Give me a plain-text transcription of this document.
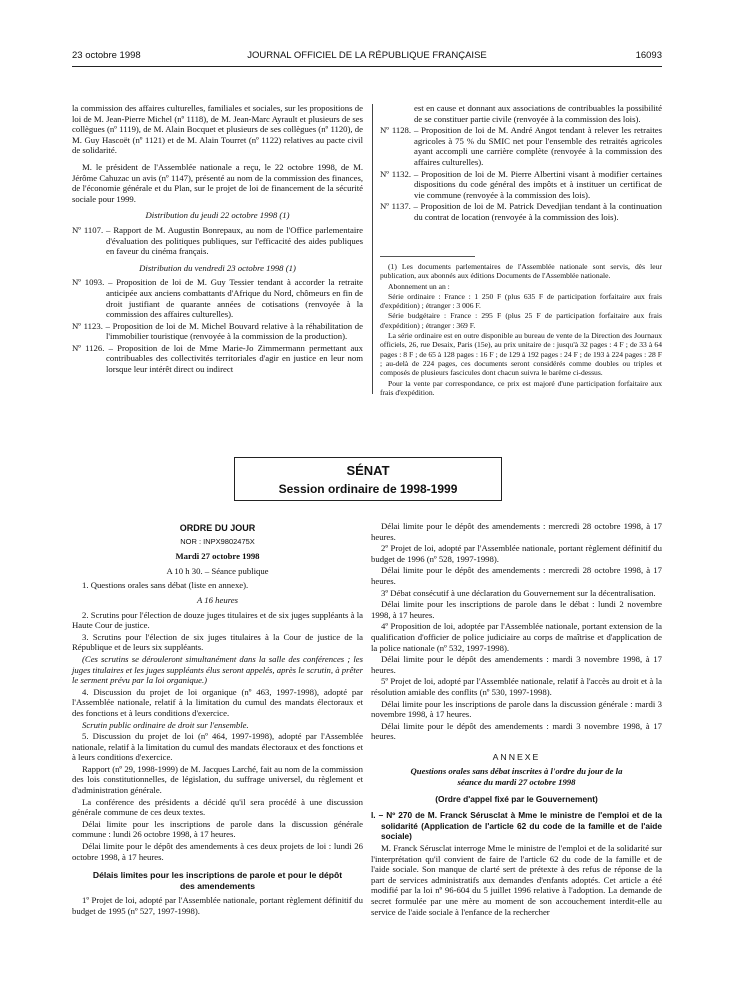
23 octobre 1998	JOURNAL OFFICIEL DE LA RÉPUBLIQUE FRANÇAISE	16093

la commission des affaires culturelles, familiales et sociales, sur les propositions de loi de M. Jean-Pierre Michel (nº 1118), de M. Jean-Marc Ayrault et plusieurs de ses collègues (nº 1119), de M. Alain Bocquet et plusieurs de ses collègues (nº 1120), de M. Guy Hascoët (nº 1121) et de M. Alain Tourret (nº 1122) relatives au pacte civil de solidarité.

M. le président de l'Assemblée nationale a reçu, le 22 octobre 1998, de M. Jérôme Cahuzac un avis (nº 1147), présenté au nom de la commission des finances, de l'économie générale et du Plan, sur le projet de loi de financement de la sécurité sociale pour 1999.

Distribution du jeudi 22 octobre 1998 (1)

Nº 1107. – Rapport de M. Augustin Bonrepaux, au nom de l'Office parlementaire d'évaluation des politiques publiques, sur l'efficacité des aides publiques en faveur du cinéma français.

Distribution du vendredi 23 octobre 1998 (1)

Nº 1093. – Proposition de loi de M. Guy Tessier tendant à accorder la retraite anticipée aux anciens combattants d'Afrique du Nord, chômeurs en fin de droit justifiant de quarante années de cotisations (renvoyée à la commission des affaires culturelles).

Nº 1123. – Proposition de loi de M. Michel Bouvard relative à la réhabilitation de l'immobilier touristique (renvoyée à la commission de la production).

Nº 1126. – Proposition de loi de Mme Marie-Jo Zimmermann permettant aux contribuables des collectivités territoriales d'agir en justice en leur nom lorsque leur intérêt direct ou indirect

est en cause et donnant aux associations de contribuables la possibilité de se constituer partie civile (renvoyée à la commission des lois).

Nº 1128. – Proposition de loi de M. André Angot tendant à relever les retraites agricoles à 75 % du SMIC net pour l'ensemble des retraités agricoles ayant accompli une carrière complète (renvoyée à la commission des affaires culturelles).

Nº 1132. – Proposition de loi de M. Pierre Albertini visant à modifier certaines dispositions du code général des impôts et à instituer un certificat de vie commune (renvoyée à la commission des lois).

Nº 1137. – Proposition de loi de M. Patrick Devedjian tendant à la continuation du contrat de location (renvoyée à la commission des lois).

(1) Les documents parlementaires de l'Assemblée nationale sont servis, dès leur publication, aux abonnés aux éditions Documents de l'Assemblée nationale.

Abonnement un an :

Série ordinaire : France : 1 250 F (plus 635 F de participation forfaitaire aux frais d'expédition) ; étranger : 3 006 F.

Série budgétaire : France : 295 F (plus 25 F de participation forfaitaire aux frais d'expédition) ; étranger : 369 F.

La série ordinaire est en outre disponible au bureau de vente de la Direction des Journaux officiels, 26, rue Desaix, Paris (15e), au prix unitaire de : jusqu'à 32 pages : 4 F ; de 33 à 64 pages : 8 F ; de 65 à 128 pages : 16 F ; de 129 à 192 pages : 24 F ; de 193 à 224 pages : 28 F ; au-delà de 224 pages, ces documents seront considérés comme doubles ou triples et composés de plusieurs fascicules dont chacun suivra le barème ci-dessus.

Pour la vente par correspondance, ce prix est majoré d'une participation forfaitaire aux frais d'expédition.

SÉNAT
Session ordinaire de 1998-1999

ORDRE DU JOUR

NOR : INPX9802475X

Mardi 27 octobre 1998

A 10 h 30. – Séance publique

1. Questions orales sans débat (liste en annexe).

A 16 heures

2. Scrutins pour l'élection de douze juges titulaires et de six juges suppléants à la Haute Cour de justice.

3. Scrutins pour l'élection de six juges titulaires à la Cour de justice de la République et de leurs six suppléants.

(Ces scrutins se dérouleront simultanément dans la salle des conférences ; les juges titulaires et les juges suppléants élus seront appelés, après le scrutin, à prêter le serment prévu par la loi organique.)

4. Discussion du projet de loi organique (nº 463, 1997-1998), adopté par l'Assemblée nationale, relatif à la limitation du cumul des mandats électoraux et des fonctions et à leurs conditions d'exercice.

Scrutin public ordinaire de droit sur l'ensemble.

5. Discussion du projet de loi (nº 464, 1997-1998), adopté par l'Assemblée nationale, relatif à la limitation du cumul des mandats électoraux et des fonctions et à leurs conditions d'exercice.

Rapport (nº 29, 1998-1999) de M. Jacques Larché, fait au nom de la commission des lois constitutionnelles, de législation, du suffrage universel, du règlement et d'administration générale.

La conférence des présidents a décidé qu'il sera procédé à une discussion générale commune de ces deux textes.

Délai limite pour les inscriptions de parole dans la discussion générale commune : lundi 26 octobre 1998, à 17 heures.

Délai limite pour le dépôt des amendements à ces deux projets de loi : lundi 26 octobre 1998, à 17 heures.

Délais limites pour les inscriptions de parole et pour le dépôt des amendements

1º Projet de loi, adopté par l'Assemblée nationale, portant règlement définitif du budget de 1995 (nº 527, 1997-1998).

Délai limite pour le dépôt des amendements : mercredi 28 octobre 1998, à 17 heures.

2º Projet de loi, adopté par l'Assemblée nationale, portant règlement définitif du budget de 1996 (nº 528, 1997-1998).

Délai limite pour le dépôt des amendements : mercredi 28 octobre 1998, à 17 heures.

3º Débat consécutif à une déclaration du Gouvernement sur la décentralisation.

Délai limite pour les inscriptions de parole dans le débat : lundi 2 novembre 1998, à 17 heures.

4º Proposition de loi, adoptée par l'Assemblée nationale, portant extension de la qualification d'officier de police judiciaire au corps de maîtrise et d'application de la police nationale (nº 532, 1997-1998).

Délai limite pour le dépôt des amendements : mardi 3 novembre 1998, à 17 heures.

5º Projet de loi, adopté par l'Assemblée nationale, relatif à l'accès au droit et à la résolution amiable des conflits (nº 530, 1997-1998).

Délai limite pour les inscriptions de parole dans la discussion générale : mardi 3 novembre 1998, à 17 heures.

Délai limite pour le dépôt des amendements : mardi 3 novembre 1998, à 17 heures.

ANNEXE

Questions orales sans débat inscrites à l'ordre du jour de la séance du mardi 27 octobre 1998

(Ordre d'appel fixé par le Gouvernement)

I. – Nº 270 de M. Franck Sérusclat à Mme le ministre de l'emploi et de la solidarité (Application de l'article 62 du code de la famille et de l'aide sociale)

M. Franck Sérusclat interroge Mme le ministre de l'emploi et de la solidarité sur l'interprétation qu'il convient de faire de l'article 62 du code de la famille et de l'aide sociale. Son manque de clarté sert de prétexte à des refus de réponse de la part de services administratifs aux demandes d'enfants adoptés. Cet article a été modifié par la loi nº 96-604 du 5 juillet 1996 relative à l'adoption. La demande de secret formulée par une mère au moment de son accouchement interdit-elle au service de l'aide sociale à l'enfance de la rechercher
